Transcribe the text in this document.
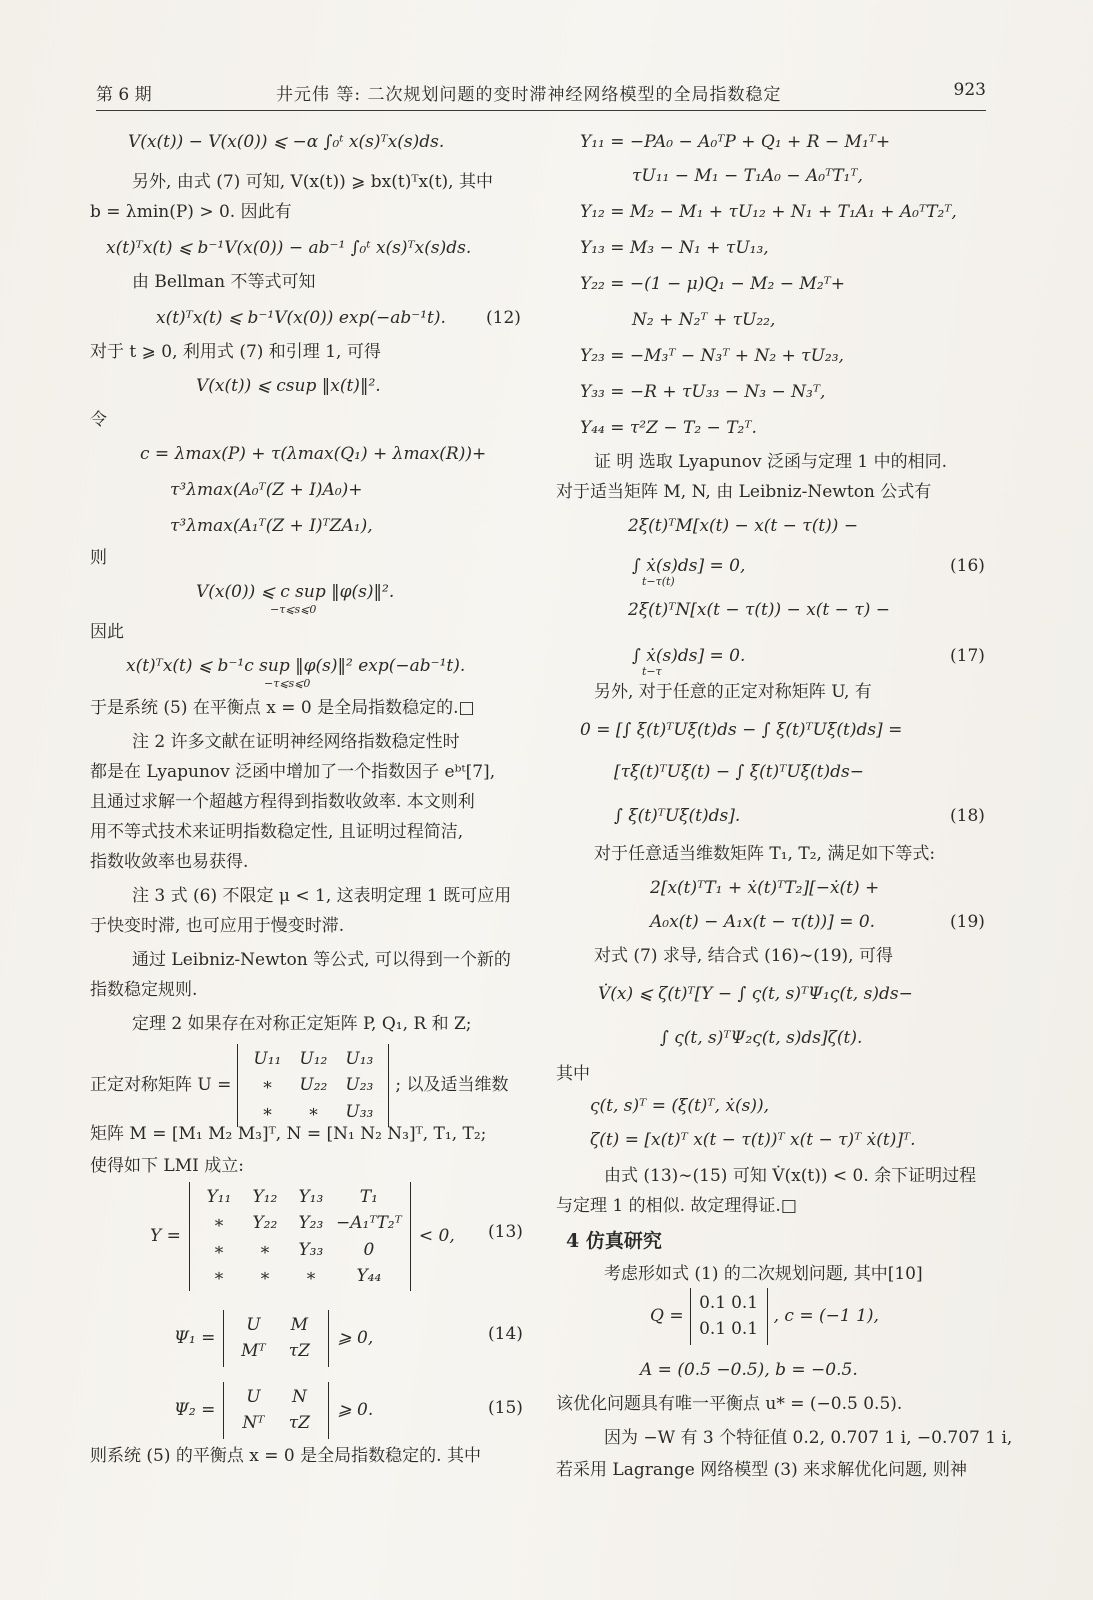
第 6 期	井元伟 等: 二次规划问题的变时滞神经网络模型的全局指数稳定	923
V(x(t)) − V(x(0)) ⩽ −α ∫₀ᵗ x(s)ᵀx(s)ds.
另外, 由式 (7) 可知, V(x(t)) ⩾ bx(t)ᵀx(t), 其中
b = λmin(P) > 0. 因此有
x(t)ᵀx(t) ⩽ b⁻¹V(x(0)) − ab⁻¹ ∫₀ᵗ x(s)ᵀx(s)ds.
由 Bellman 不等式可知
x(t)ᵀx(t) ⩽ b⁻¹V(x(0)) exp(−ab⁻¹t). (12)
对于 t ⩾ 0, 利用式 (7) 和引理 1, 可得
V(x(t)) ⩽ csup ‖x(t)‖².
令
c = λmax(P) + τ(λmax(Q₁) + λmax(R))+
τ³λmax(A₀ᵀ(Z + I)A₀)+
τ³λmax(A₁ᵀ(Z + I)ᵀZA₁),
则
V(x(0)) ⩽ c sup ‖φ(s)‖².
−τ⩽s⩽0
因此
x(t)ᵀx(t) ⩽ b⁻¹c sup ‖φ(s)‖² exp(−ab⁻¹t).
−τ⩽s⩽0
于是系统 (5) 在平衡点 x = 0 是全局指数稳定的.□
注 2 许多文献在证明神经网络指数稳定性时
都是在 Lyapunov 泛函中增加了一个指数因子 eᵇᵗ[7],
且通过求解一个超越方程得到指数收敛率. 本文则利
用不等式技术来证明指数稳定性, 且证明过程简洁,
指数收敛率也易获得.
注 3 式 (6) 不限定 μ < 1, 这表明定理 1 既可应用
于快变时滞, 也可应用于慢变时滞.
通过 Leibniz-Newton 等公式, 可以得到一个新的
指数稳定规则.
定理 2 如果存在对称正定矩阵 P, Q₁, R 和 Z;
正定对称矩阵 U =
U₁₁ U₁₂ U₁₃
∗ U₂₂ U₂₃
∗ ∗ U₃₃
; 以及适当维数
矩阵 M = [M₁ M₂ M₃]ᵀ, N = [N₁ N₂ N₃]ᵀ, T₁, T₂;
使得如下 LMI 成立:
Υ =
Υ₁₁ Υ₁₂ Υ₁₃ T₁
∗ Υ₂₂ Υ₂₃ −A₁ᵀT₂ᵀ
∗ ∗ Υ₃₃ 0
∗ ∗ ∗ Υ₄₄
< 0, (13)
Ψ₁ =
U M
Mᵀ τZ
⩾ 0,	(14)
Ψ₂ =
U N
Nᵀ τZ
⩾ 0.	(15)
则系统 (5) 的平衡点 x = 0 是全局指数稳定的. 其中
Υ₁₁ = −PA₀ − A₀ᵀP + Q₁ + R − M₁ᵀ+
τU₁₁ − M₁ − T₁A₀ − A₀ᵀT₁ᵀ,
Υ₁₂ = M₂ − M₁ + τU₁₂ + N₁ + T₁A₁ + A₀ᵀT₂ᵀ,
Υ₁₃ = M₃ − N₁ + τU₁₃,
Υ₂₂ = −(1 − μ)Q₁ − M₂ − M₂ᵀ+
N₂ + N₂ᵀ + τU₂₂,
Υ₂₃ = −M₃ᵀ − N₃ᵀ + N₂ + τU₂₃,
Υ₃₃ = −R + τU₃₃ − N₃ − N₃ᵀ,
Υ₄₄ = τ²Z − T₂ − T₂ᵀ.
证 明 选取 Lyapunov 泛函与定理 1 中的相同.
对于适当矩阵 M, N, 由 Leibniz-Newton 公式有
2ξ(t)ᵀM[x(t) − x(t − τ(t)) −
∫ ẋ(s)ds] = 0,
t−τ(t)
(16)
2ξ(t)ᵀN[x(t − τ(t)) − x(t − τ) −
∫ ẋ(s)ds] = 0.
t−τ
(17)
另外, 对于任意的正定对称矩阵 U, 有
0 = [∫ ξ(t)ᵀUξ(t)ds − ∫ ξ(t)ᵀUξ(t)ds] =
[τξ(t)ᵀUξ(t) − ∫ ξ(t)ᵀUξ(t)ds−
∫ ξ(t)ᵀUξ(t)ds].	(18)
对于任意适当维数矩阵 T₁, T₂, 满足如下等式:
2[x(t)ᵀT₁ + ẋ(t)ᵀT₂][−ẋ(t) +
A₀x(t) − A₁x(t − τ(t))] = 0.	(19)
对式 (7) 求导, 结合式 (16)∼(19), 可得
V̇(x) ⩽ ζ(t)ᵀ[Υ − ∫ ς(t, s)ᵀΨ₁ς(t, s)ds−
∫ ς(t, s)ᵀΨ₂ς(t, s)ds]ζ(t).
其中
ς(t, s)ᵀ = (ξ(t)ᵀ, ẋ(s)),
ζ(t) = [x(t)ᵀ x(t − τ(t))ᵀ x(t − τ)ᵀ ẋ(t)]ᵀ.
由式 (13)∼(15) 可知 V̇(x(t)) < 0. 余下证明过程
与定理 1 的相似. 故定理得证.□
4 仿真研究
考虑形如式 (1) 的二次规划问题, 其中[10]
Q =
0.1 0.1
0.1 0.1
, c = (−1 1),
A = (0.5 −0.5), b = −0.5.
该优化问题具有唯一平衡点 u* = (−0.5 0.5).
因为 −W 有 3 个特征值 0.2, 0.707 1 i, −0.707 1 i,
若采用 Lagrange 网络模型 (3) 来求解优化问题, 则神
